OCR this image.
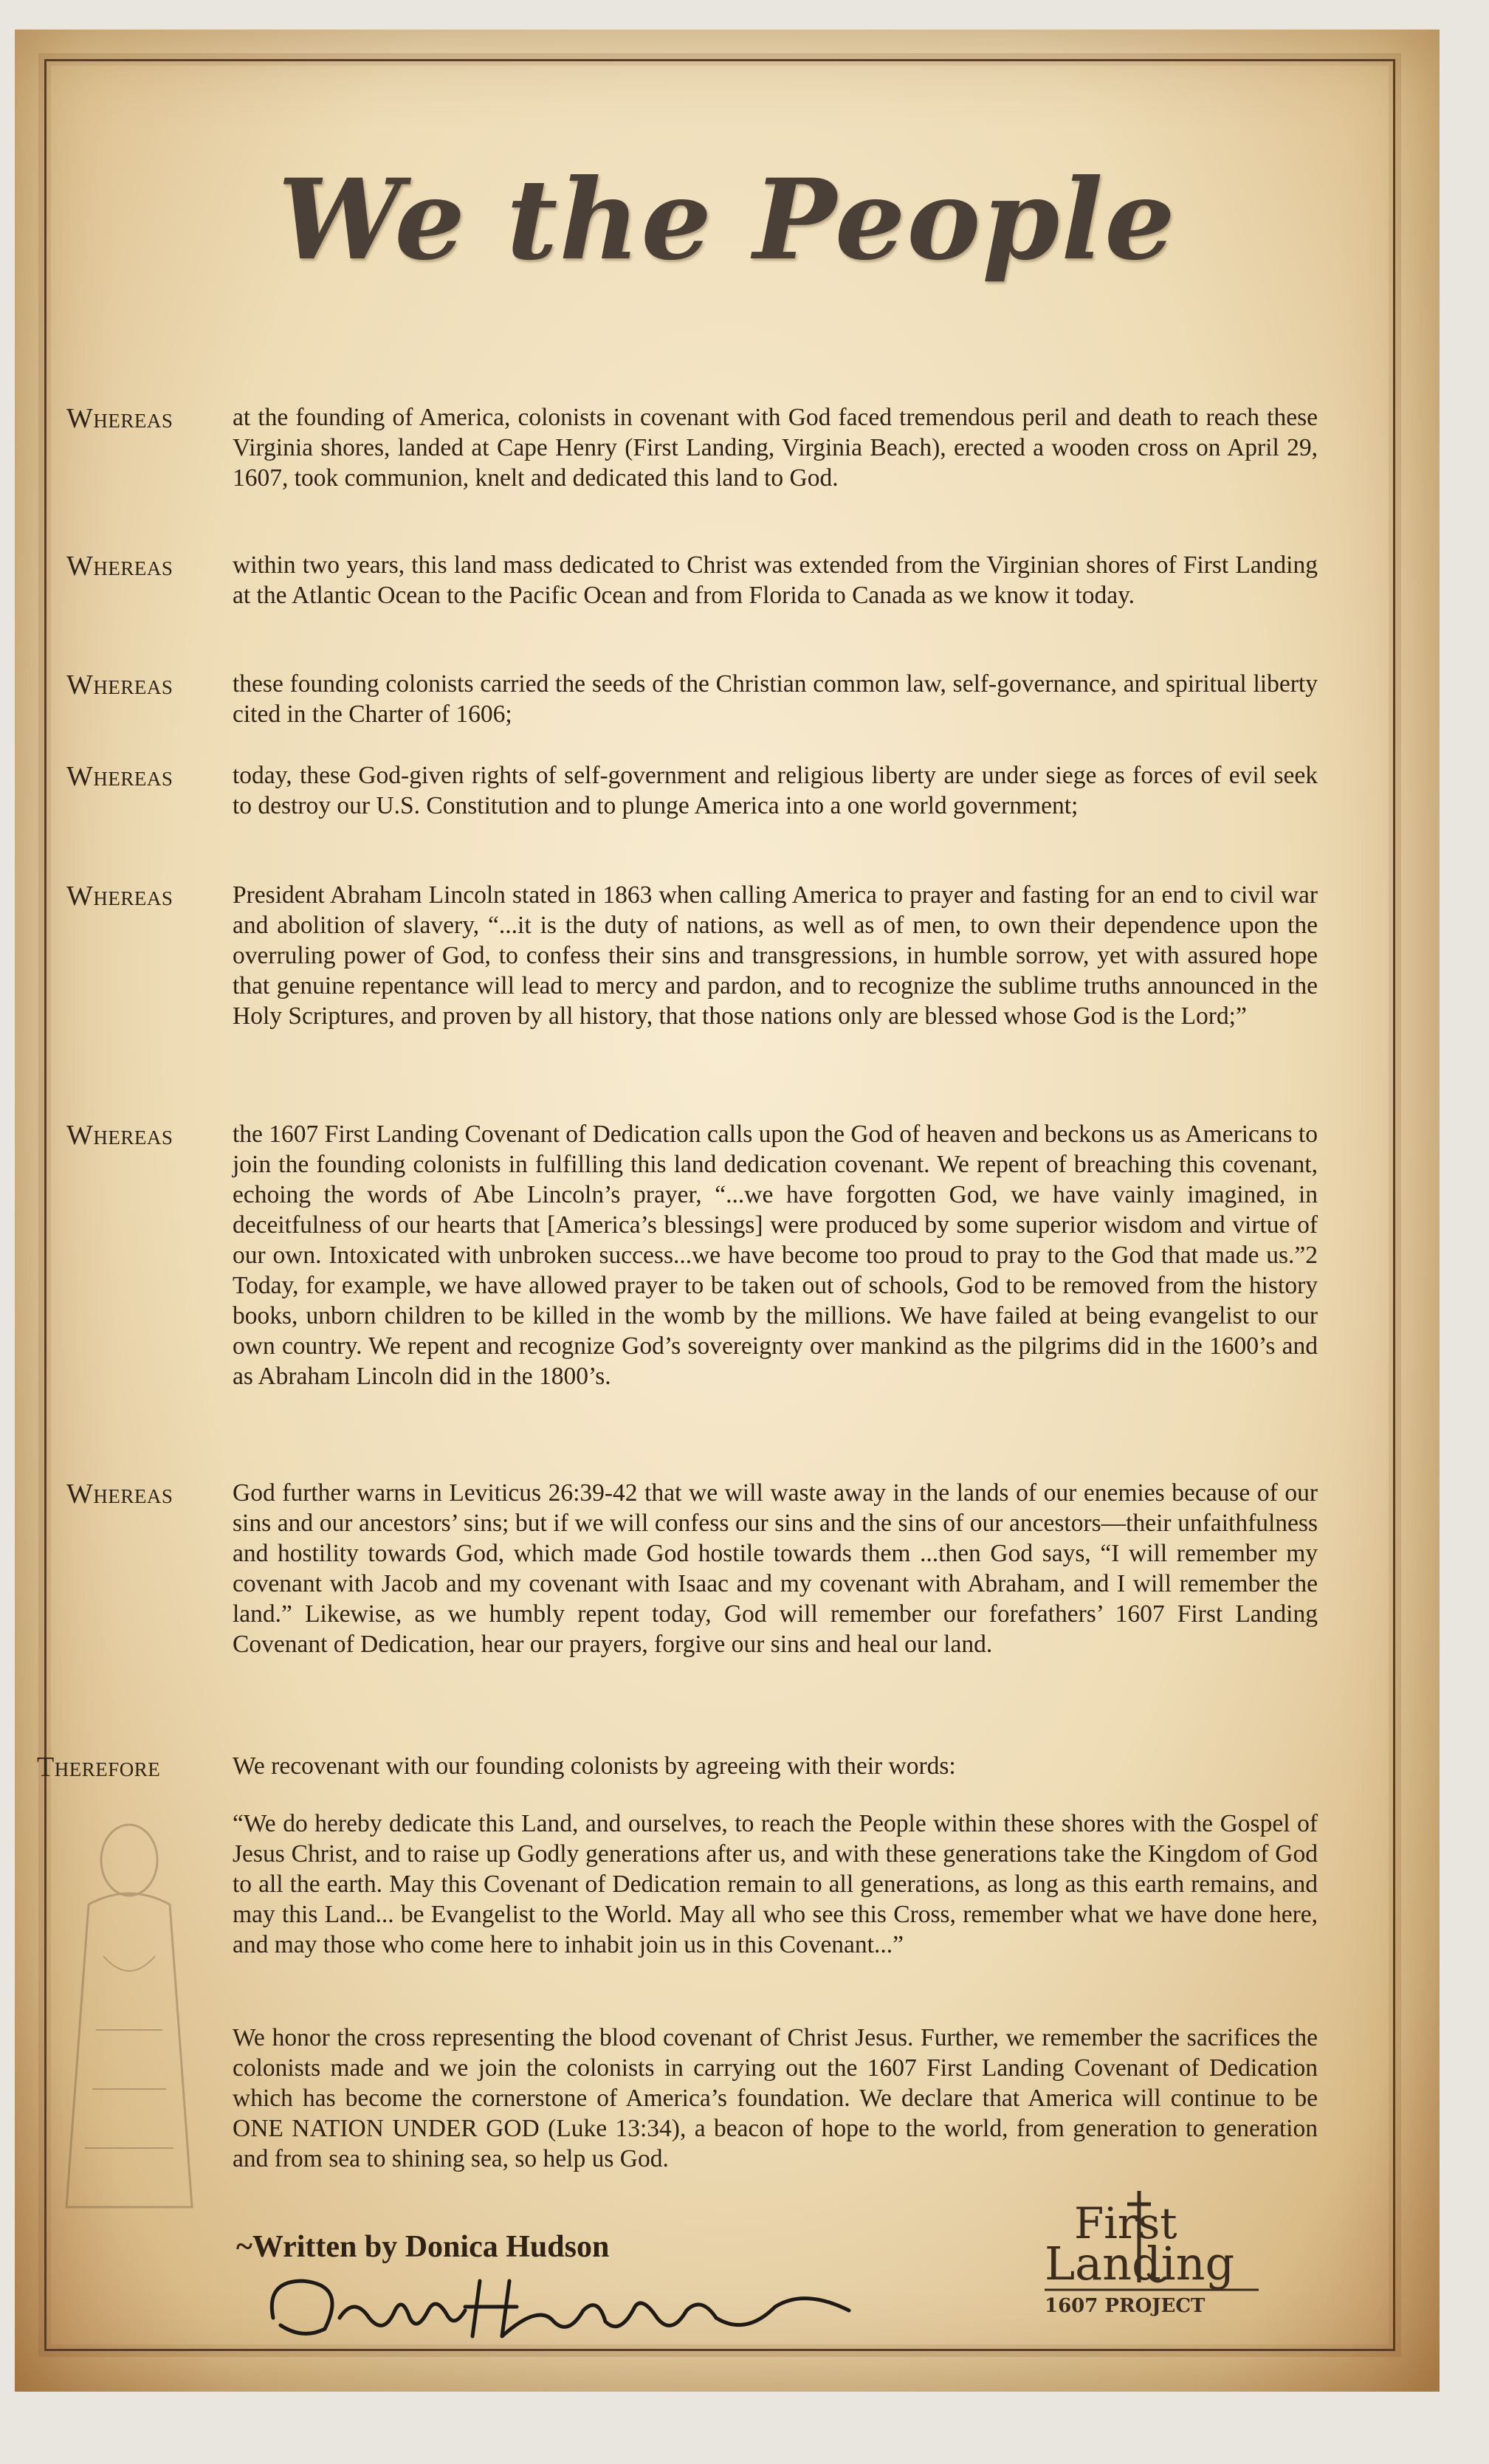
We the People
Whereas at the founding of America, colonists in covenant with God faced tremendous peril and death to reach these Virginia shores, landed at Cape Henry (First Landing, Virginia Beach), erected a wooden cross on April 29, 1607, took communion, knelt and dedicated this land to God.
Whereas within two years, this land mass dedicated to Christ was extended from the Virginian shores of First Landing at the Atlantic Ocean to the Pacific Ocean and from Florida to Canada as we know it today.
Whereas these founding colonists carried the seeds of the Christian common law, self-governance, and spiritual liberty cited in the Charter of 1606;
Whereas today, these God-given rights of self-government and religious liberty are under siege as forces of evil seek to destroy our U.S. Constitution and to plunge America into a one world government;
Whereas President Abraham Lincoln stated in 1863 when calling America to prayer and fasting for an end to civil war and abolition of slavery, “...it is the duty of nations, as well as of men, to own their dependence upon the overruling power of God, to confess their sins and transgressions, in humble sorrow, yet with assured hope that genuine repentance will lead to mercy and pardon, and to recognize the sublime truths announced in the Holy Scriptures, and proven by all history, that those nations only are blessed whose God is the Lord;”
Whereas the 1607 First Landing Covenant of Dedication calls upon the God of heaven and beckons us as Americans to join the founding colonists in fulfilling this land dedication covenant. We repent of breaching this covenant, echoing the words of Abe Lincoln’s prayer, “...we have forgotten God, we have vainly imagined, in deceitfulness of our hearts that [America’s blessings] were produced by some superior wisdom and virtue of our own. Intoxicated with unbroken success...we have become too proud to pray to the God that made us.”2 Today, for example, we have allowed prayer to be taken out of schools, God to be removed from the history books, unborn children to be killed in the womb by the millions. We have failed at being evangelist to our own country. We repent and recognize God’s sovereignty over mankind as the pilgrims did in the 1600’s and as Abraham Lincoln did in the 1800’s.
Whereas God further warns in Leviticus 26:39-42 that we will waste away in the lands of our enemies because of our sins and our ancestors’ sins; but if we will confess our sins and the sins of our ancestors—their unfaithfulness and hostility towards God, which made God hostile towards them ...then God says, “I will remember my covenant with Jacob and my covenant with Isaac and my covenant with Abraham, and I will remember the land.” Likewise, as we humbly repent today, God will remember our forefathers’ 1607 First Landing Covenant of Dedication, hear our prayers, forgive our sins and heal our land.
Therefore	We recovenant with our founding colonists by agreeing with their words:
“We do hereby dedicate this Land, and ourselves, to reach the People within these shores with the Gospel of Jesus Christ, and to raise up Godly generations after us, and with these generations take the Kingdom of God to all the earth. May this Covenant of Dedication remain to all generations, as long as this earth remains, and may this Land... be Evangelist to the World. May all who see this Cross, remember what we have done here, and may those who come here to inhabit join us in this Covenant...”
We honor the cross representing the blood covenant of Christ Jesus. Further, we remember the sacrifices the colonists made and we join the colonists in carrying out the 1607 First Landing Covenant of Dedication which has become the cornerstone of America’s foundation. We declare that America will continue to be ONE NATION UNDER GOD (Luke 13:34), a beacon of hope to the world, from generation to generation and from sea to shining sea, so help us God.
~Written by Donica Hudson	First
Landing
1607 PROJECT
